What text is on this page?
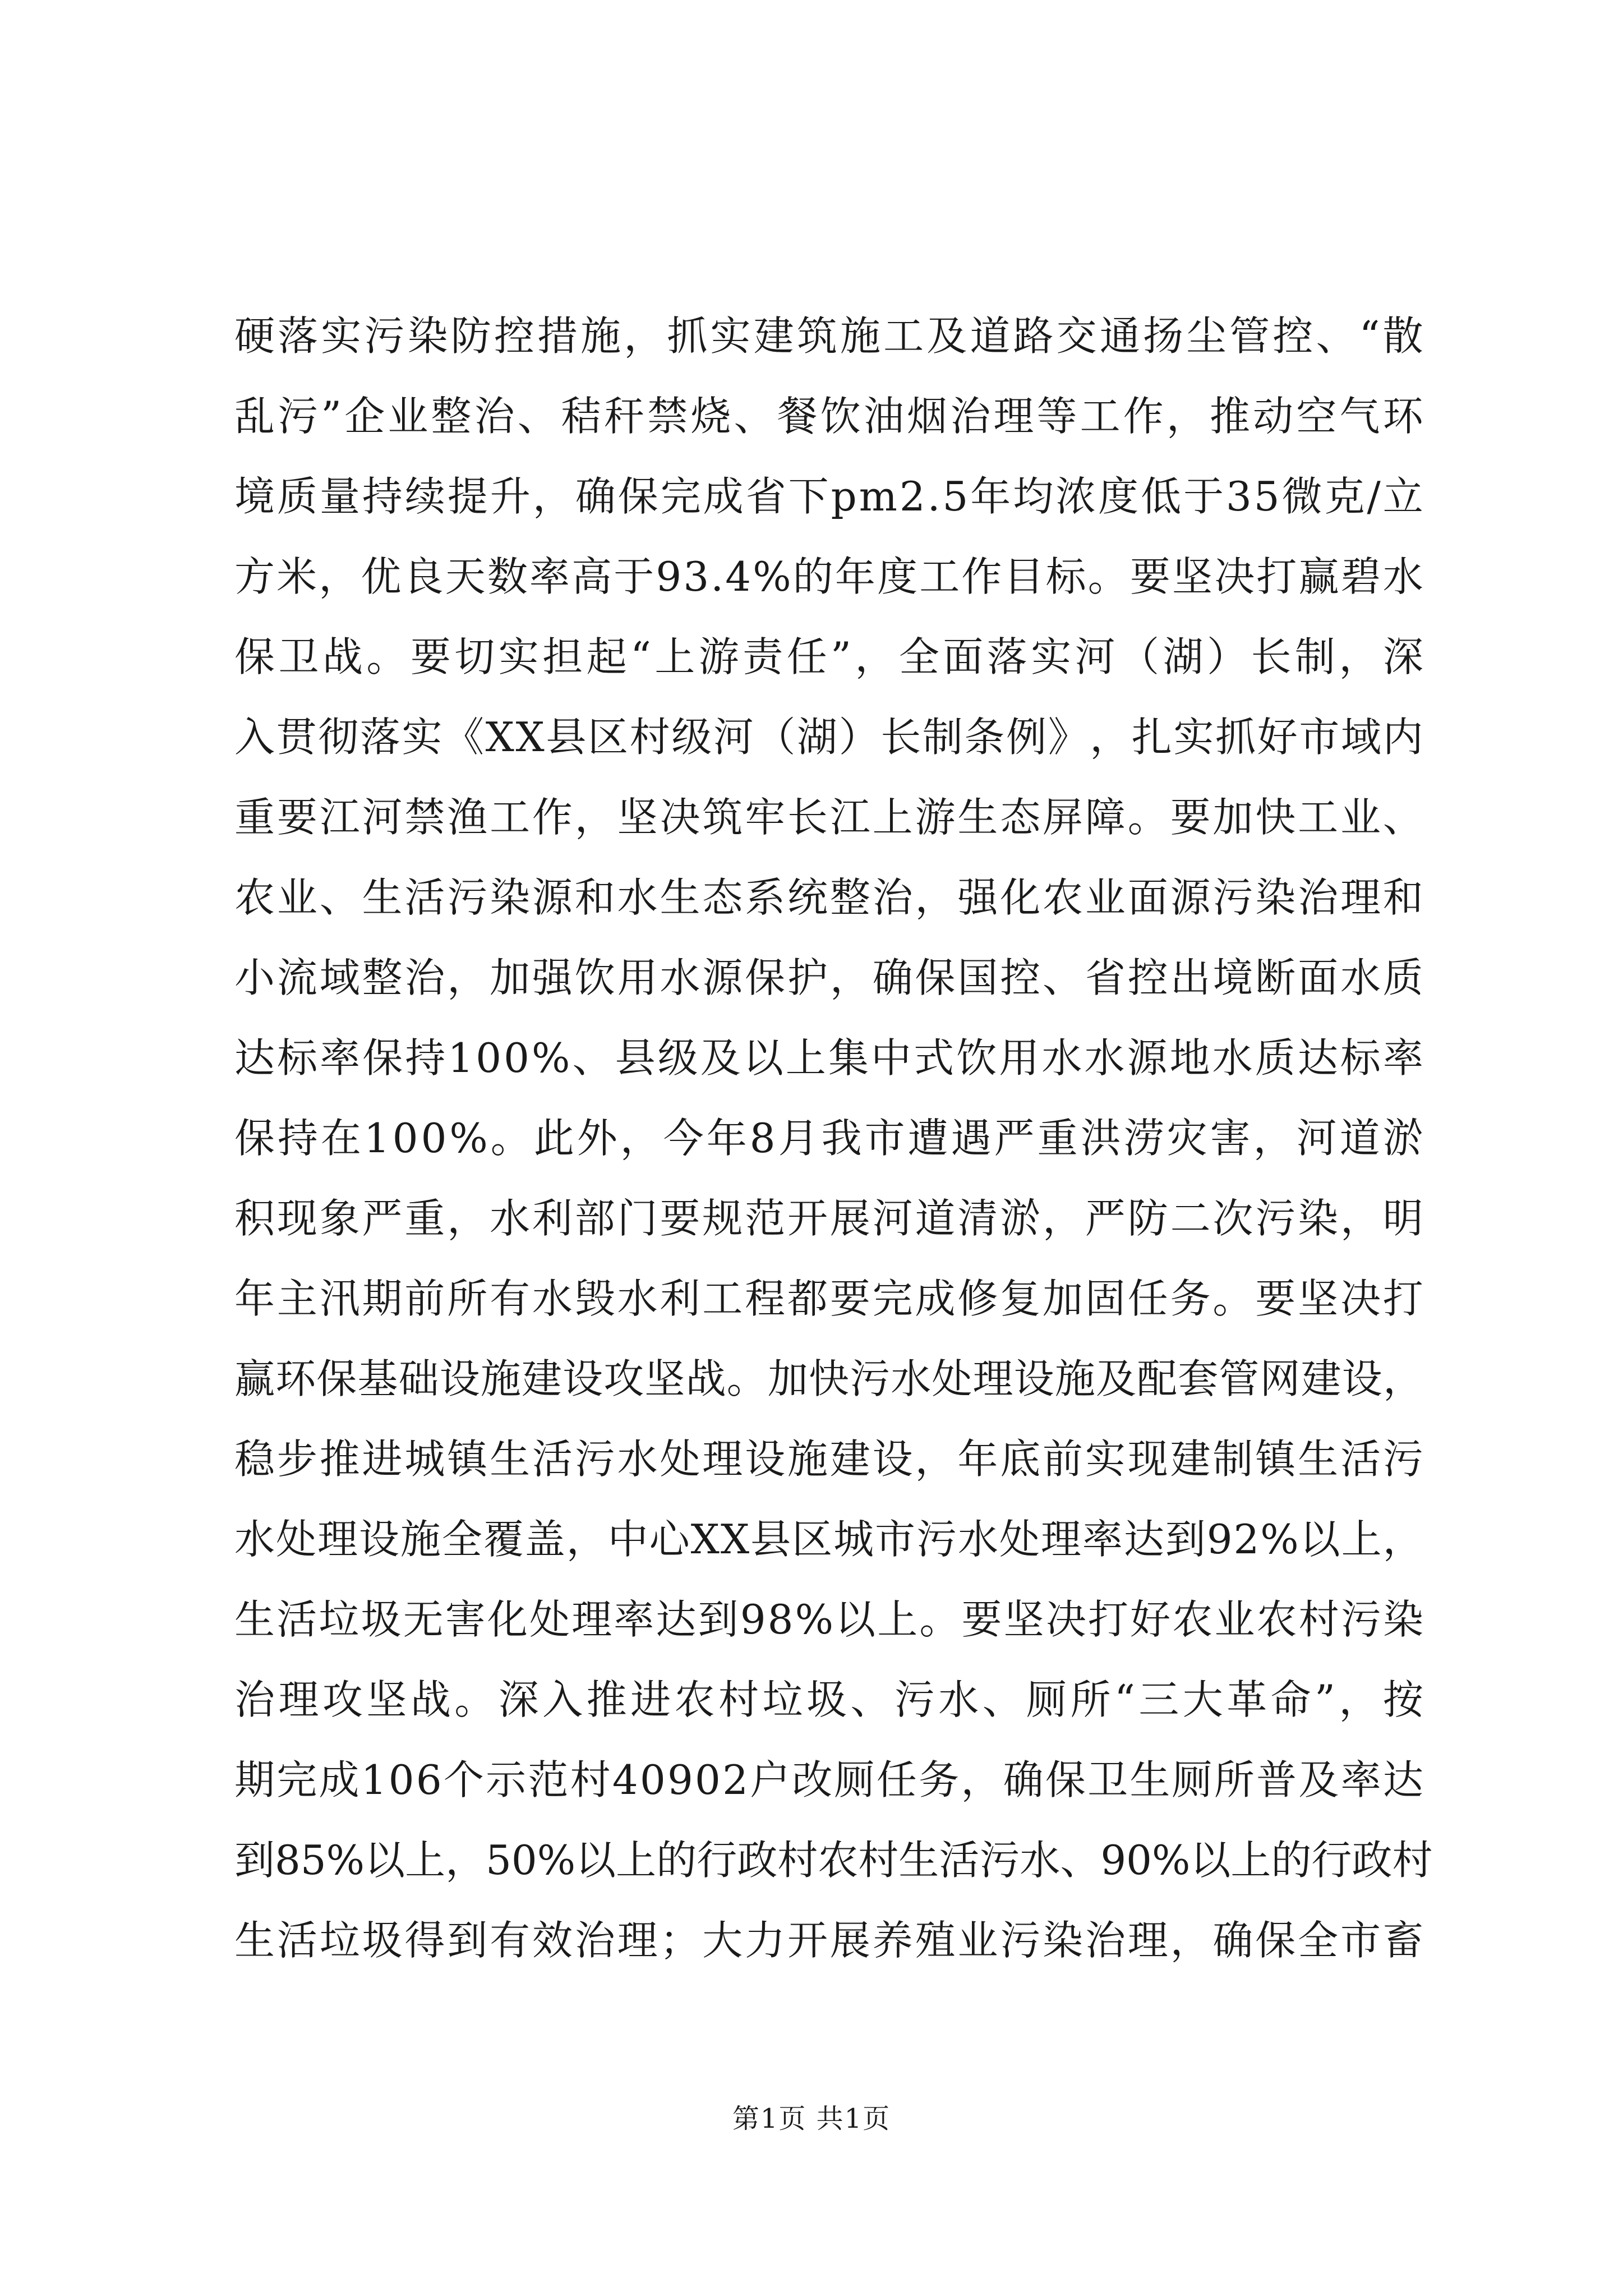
硬 落 实 污 染 防 控 措 施 ， 抓 实 建 筑 施 工 及 道 路 交 通 扬 尘 管 控 、 “ 散
乱 污 ” 企 业 整 治 、 秸 秆 禁 烧 、 餐 饮 油 烟 治 理 等 工 作 ， 推 动 空 气 环
境 质 量 持 续 提 升 ， 确 保 完 成 省 下 p m 2 . 5 年 均 浓 度 低 于 3 5 微 克 / 立
方 米 ， 优 良 天 数 率 高 于 9 3 . 4 % 的 年 度 工 作 目 标 。 要 坚 决 打 赢 碧 水
保 卫 战 。 要 切 实 担 起 “ 上 游 责 任 ” ， 全 面 落 实 河 （ 湖 ） 长 制 ， 深
入 贯 彻 落 实 《 X X 县 区 村 级 河 （ 湖 ） 长 制 条 例 》 ， 扎 实 抓 好 市 域 内
重 要 江 河 禁 渔 工 作 ， 坚 决 筑 牢 长 江 上 游 生 态 屏 障 。 要 加 快 工 业 、
农 业 、 生 活 污 染 源 和 水 生 态 系 统 整 治 ， 强 化 农 业 面 源 污 染 治 理 和
小 流 域 整 治 ， 加 强 饮 用 水 源 保 护 ， 确 保 国 控 、 省 控 出 境 断 面 水 质
达 标 率 保 持 1 0 0 % 、 县 级 及 以 上 集 中 式 饮 用 水 水 源 地 水 质 达 标 率
保 持 在 1 0 0 % 。 此 外 ， 今 年 8 月 我 市 遭 遇 严 重 洪 涝 灾 害 ， 河 道 淤
积 现 象 严 重 ， 水 利 部 门 要 规 范 开 展 河 道 清 淤 ， 严 防 二 次 污 染 ， 明
年 主 汛 期 前 所 有 水 毁 水 利 工 程 都 要 完 成 修 复 加 固 任 务 。 要 坚 决 打
赢 环 保 基 础 设 施 建 设 攻 坚 战 。 加 快 污 水 处 理 设 施 及 配 套 管 网 建 设 ，
稳 步 推 进 城 镇 生 活 污 水 处 理 设 施 建 设 ， 年 底 前 实 现 建 制 镇 生 活 污
水 处 理 设 施 全 覆 盖 ， 中 心 X X 县 区 城 市 污 水 处 理 率 达 到 9 2 % 以 上 ，
生 活 垃 圾 无 害 化 处 理 率 达 到 9 8 % 以 上 。 要 坚 决 打 好 农 业 农 村 污 染
治 理 攻 坚 战 。 深 入 推 进 农 村 垃 圾 、 污 水 、 厕 所 “ 三 大 革 命 ” ， 按
期 完 成 1 0 6 个 示 范 村 4 0 9 0 2 户 改 厕 任 务 ， 确 保 卫 生 厕 所 普 及 率 达
到 8 5 % 以 上 ， 5 0 % 以 上 的 行 政 村 农 村 生 活 污 水 、 9 0 % 以 上 的 行 政 村
生 活 垃 圾 得 到 有 效 治 理 ； 大 力 开 展 养 殖 业 污 染 治 理 ， 确 保 全 市 畜
第1页 共1页
